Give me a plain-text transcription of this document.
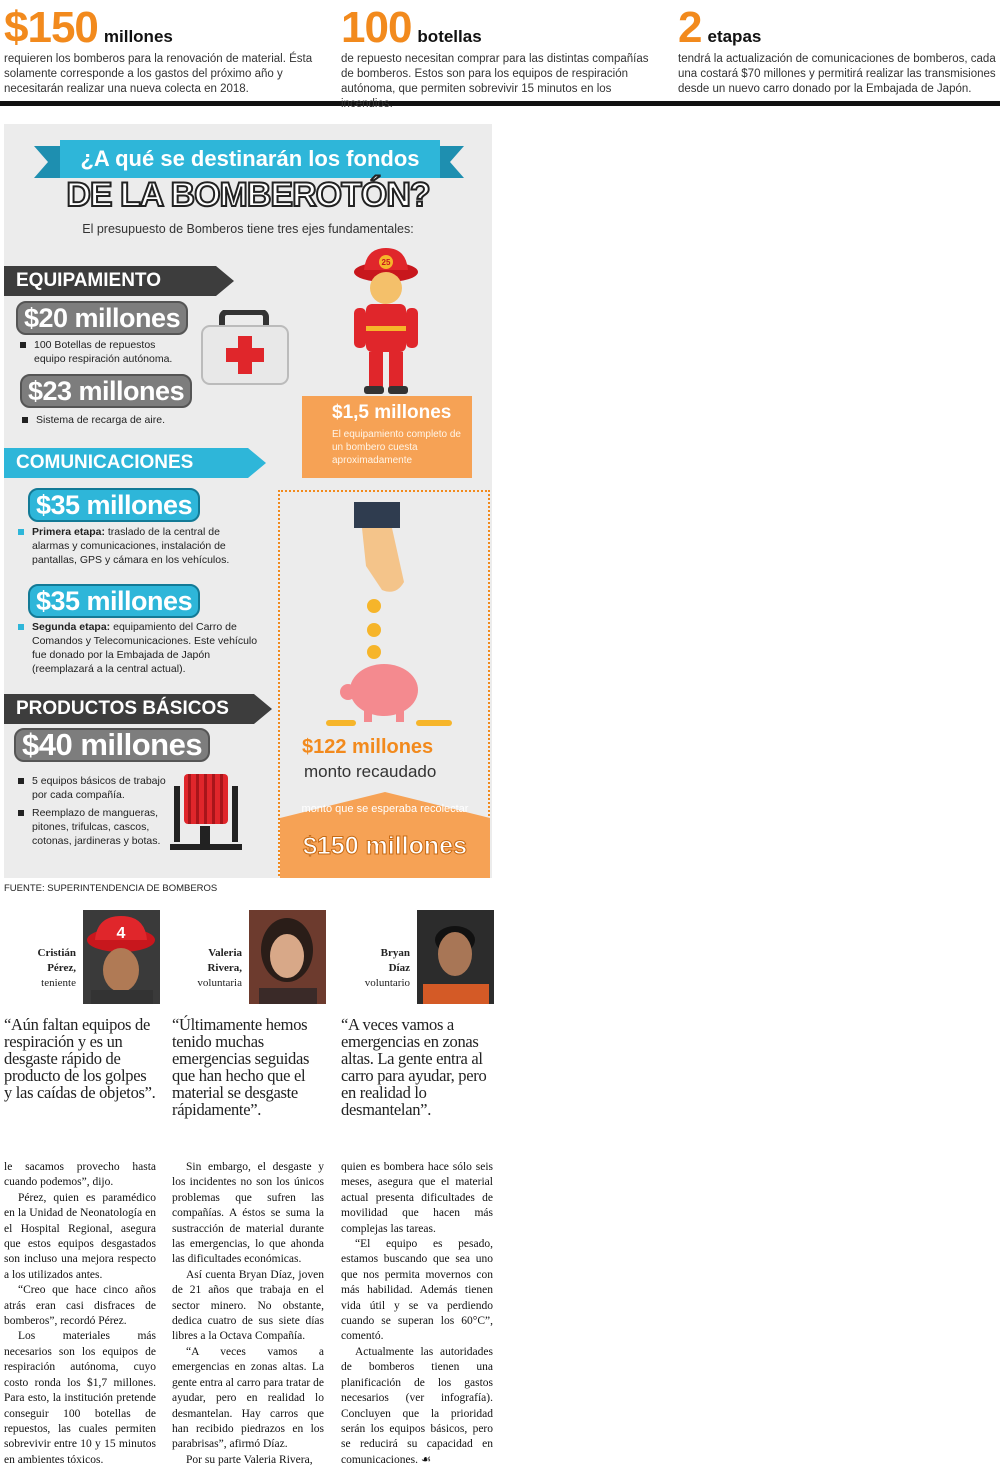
$150 millones
requieren los bomberos para la renovación de material. Ésta solamente corresponde a los gastos del próximo año y necesitarán realizar una nueva colecta en 2018.
100 botellas
de repuesto necesitan comprar para las distintas compañías de bomberos. Estos son para los equipos de respiración autónoma, que permiten sobrevivir 15 minutos en los incendios.
2 etapas
tendrá la actualización de comunicaciones de bomberos, cada una costará $70 millones y permitirá realizar las transmisiones desde un nuevo carro donado por la Embajada de Japón.
¿A qué se destinarán los fondos
DE LA BOMBEROTÓN?
El presupuesto de Bomberos tiene tres ejes fundamentales:
EQUIPAMIENTO
$20 millones
100 Botellas de repuestos equipo respiración autónoma.
$23 millones
Sistema de recarga de aire.
25
$1,5 millones
El equipamiento completo de un bombero cuesta aproximadamente
COMUNICACIONES
$35 millones
Primera etapa: traslado de la central de alarmas y comunicaciones, instalación de pantallas, GPS y cámara en los vehículos.
$35 millones
Segunda etapa: equipamiento del Carro de Comandos y Telecomunicaciones. Este vehículo fue donado por la Embajada de Japón (reemplazará a la central actual).
PRODUCTOS BÁSICOS
$40 millones
5 equipos básicos de trabajo por cada compañía.
Reemplazo de mangueras, pitones, trifulcas, cascos, cotonas, jardineras y botas.
$122 millones
monto recaudado
monto que se esperaba recolectar
$150 millones
FUENTE: SUPERINTENDENCIA DE BOMBEROS
Cristián
Pérez,
teniente
4
Valeria
Rivera,
voluntaria
Bryan
Díaz
voluntario
“Aún faltan equipos de respiración y es un desgaste rápido de producto de los golpes y las caídas de objetos”.
“Últimamente hemos tenido muchas emergencias seguidas que han hecho que el material se desgaste rápidamente”.
“A veces vamos a emergencias en zonas altas. La gente entra al carro para ayudar, pero en realidad lo desmantelan”.

le sacamos provecho hasta cuando podemos”, dijo.

Pérez, quien es paramédico en la Unidad de Neonatología en el Hospital Regional, asegura que estos equipos desgastados son incluso una mejora respecto a los utilizados antes.

“Creo que hace cinco años atrás eran casi disfraces de bomberos”, recordó Pérez.

Los materiales más necesarios son los equipos de respiración autónoma, cuyo costo ronda los $1,7 millones. Para esto, la institución pretende conseguir 100 botellas de repuestos, las cuales permiten sobrevivir entre 10 y 15 minutos en ambientes tóxicos.

Sin embargo, el desgaste y los incidentes no son los únicos problemas que sufren las compañías. A éstos se suma la sustracción de material durante las emergencias, lo que ahonda las dificultades económicas.

Así cuenta Bryan Díaz, joven de 21 años que trabaja en el sector minero. No obstante, dedica cuatro de sus siete días libres a la Octava Compañía.

“A veces vamos a emergencias en zonas altas. La gente entra al carro para tratar de ayudar, pero en realidad lo desmantelan. Hay carros que han recibido piedrazos en los parabrisas”, afirmó Díaz.

Por su parte Valeria Rivera,

quien es bombera hace sólo seis meses, asegura que el material actual presenta dificultades de movilidad que hacen más complejas las tareas.

“El equipo es pesado, estamos buscando que sea uno que nos permita movernos con más habilidad. Además tienen vida útil y se va perdiendo cuando se superan los 60°C”, comentó.

Actualmente las autoridades de bomberos tienen una planificación de los gastos necesarios (ver infografía). Concluyen que la prioridad serán los equipos básicos, pero se reducirá su capacidad en comunicaciones. ☙
